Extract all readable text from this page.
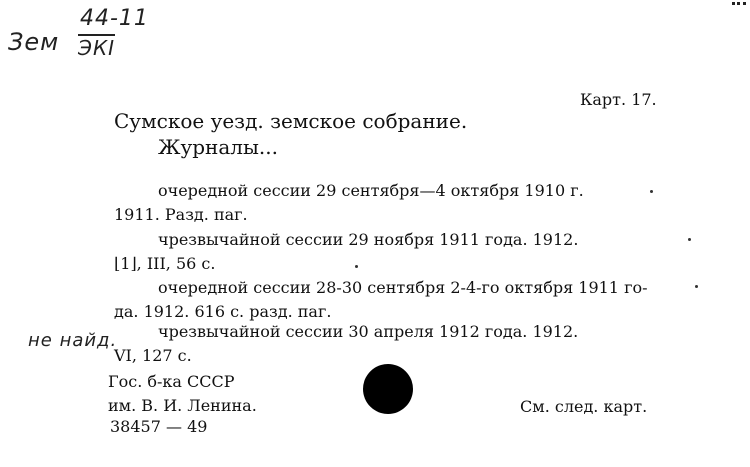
44-11
ЭКI
Зем
не найд.
Карт. 17.
Сумское уезд. земское собрание.
Журналы...
очередной сессии 29 сентября—4 октября 1910 г.
1911. Разд. паг.
чрезвычайной сессии 29 ноября 1911 года. 1912.
⌊1⌋, III, 56 с.
очередной сессии 28-30 сентября 2-4-го октября 1911 го-
да. 1912. 616 с. разд. паг.
чрезвычайной сессии 30 апреля 1912 года. 1912.
VI, 127 с.
Гос. б-ка СССР
им. В. И. Ленина.
38457 — 49
См. след. карт.
